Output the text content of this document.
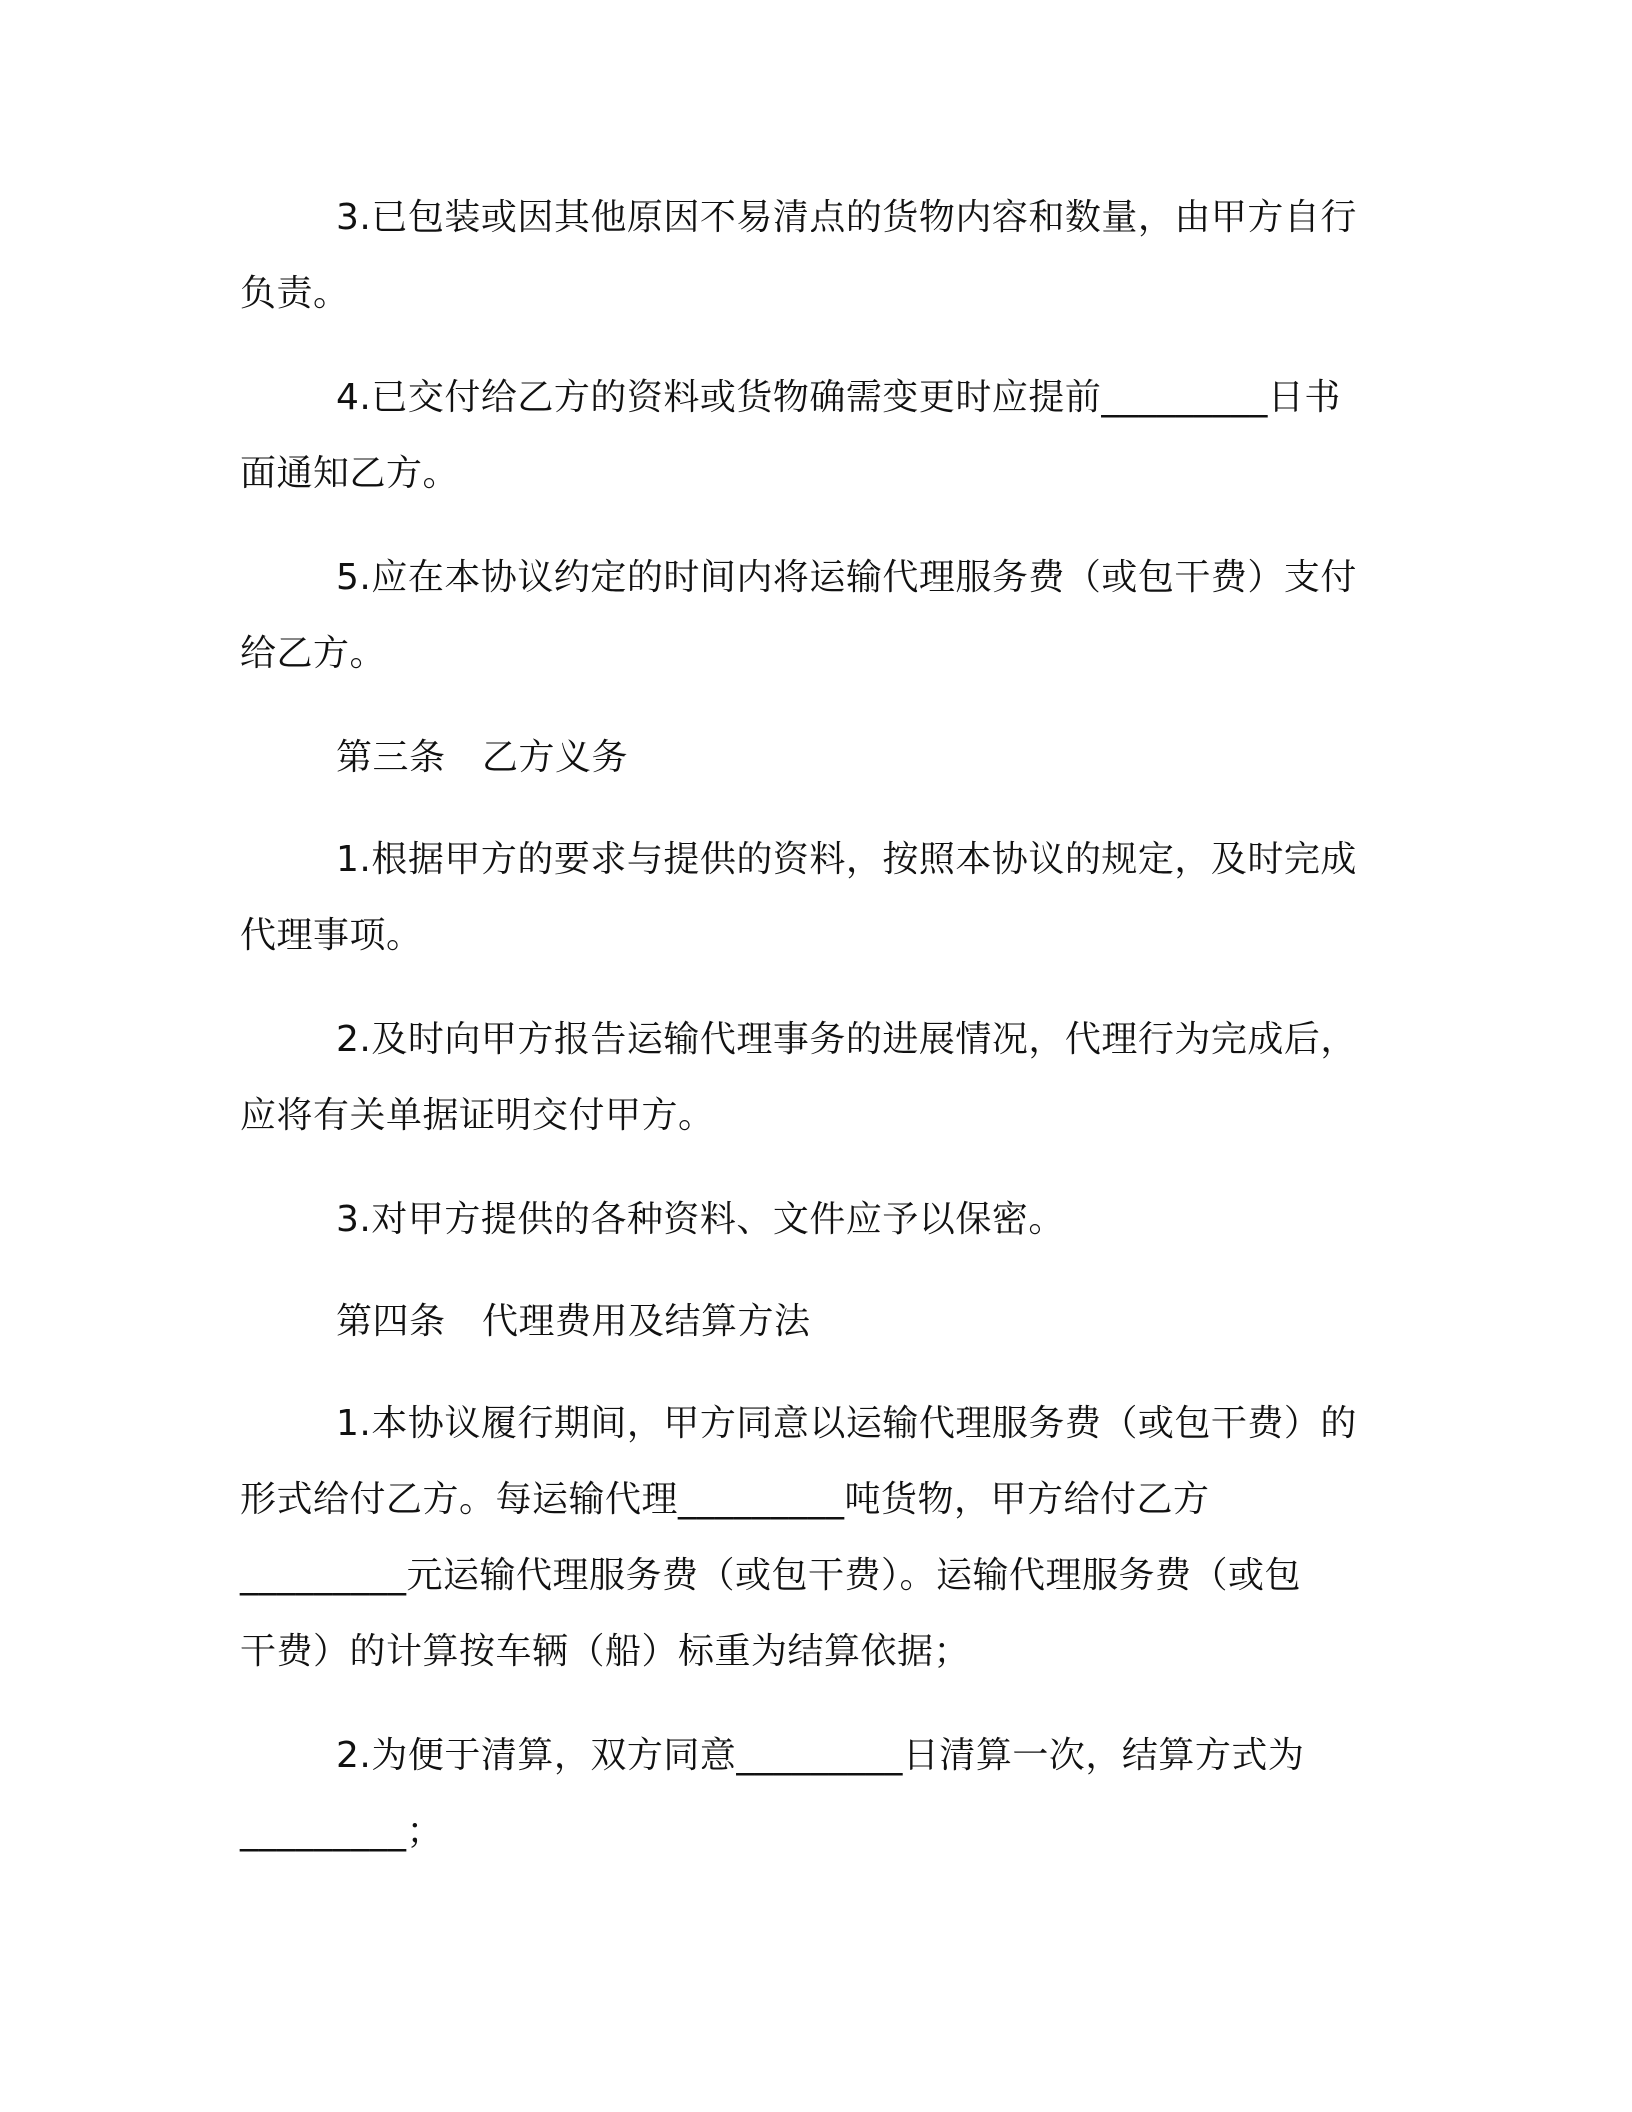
3.已包装或因其他原因不易清点的货物内容和数量，由甲方自行
负责。
4.已交付给乙方的资料或货物确需变更时应提前_________日书
面通知乙方。
5.应在本协议约定的时间内将运输代理服务费（或包干费）支付
给乙方。
第三条　乙方义务
1.根据甲方的要求与提供的资料，按照本协议的规定，及时完成
代理事项。
2.及时向甲方报告运输代理事务的进展情况，代理行为完成后，
应将有关单据证明交付甲方。
3.对甲方提供的各种资料、文件应予以保密。
第四条　代理费用及结算方法
1.本协议履行期间，甲方同意以运输代理服务费（或包干费）的
形式给付乙方。每运输代理_________吨货物，甲方给付乙方
_________元运输代理服务费（或包干费）。运输代理服务费（或包
干费）的计算按车辆（船）标重为结算依据；
2.为便于清算，双方同意_________日清算一次，结算方式为
_________；
